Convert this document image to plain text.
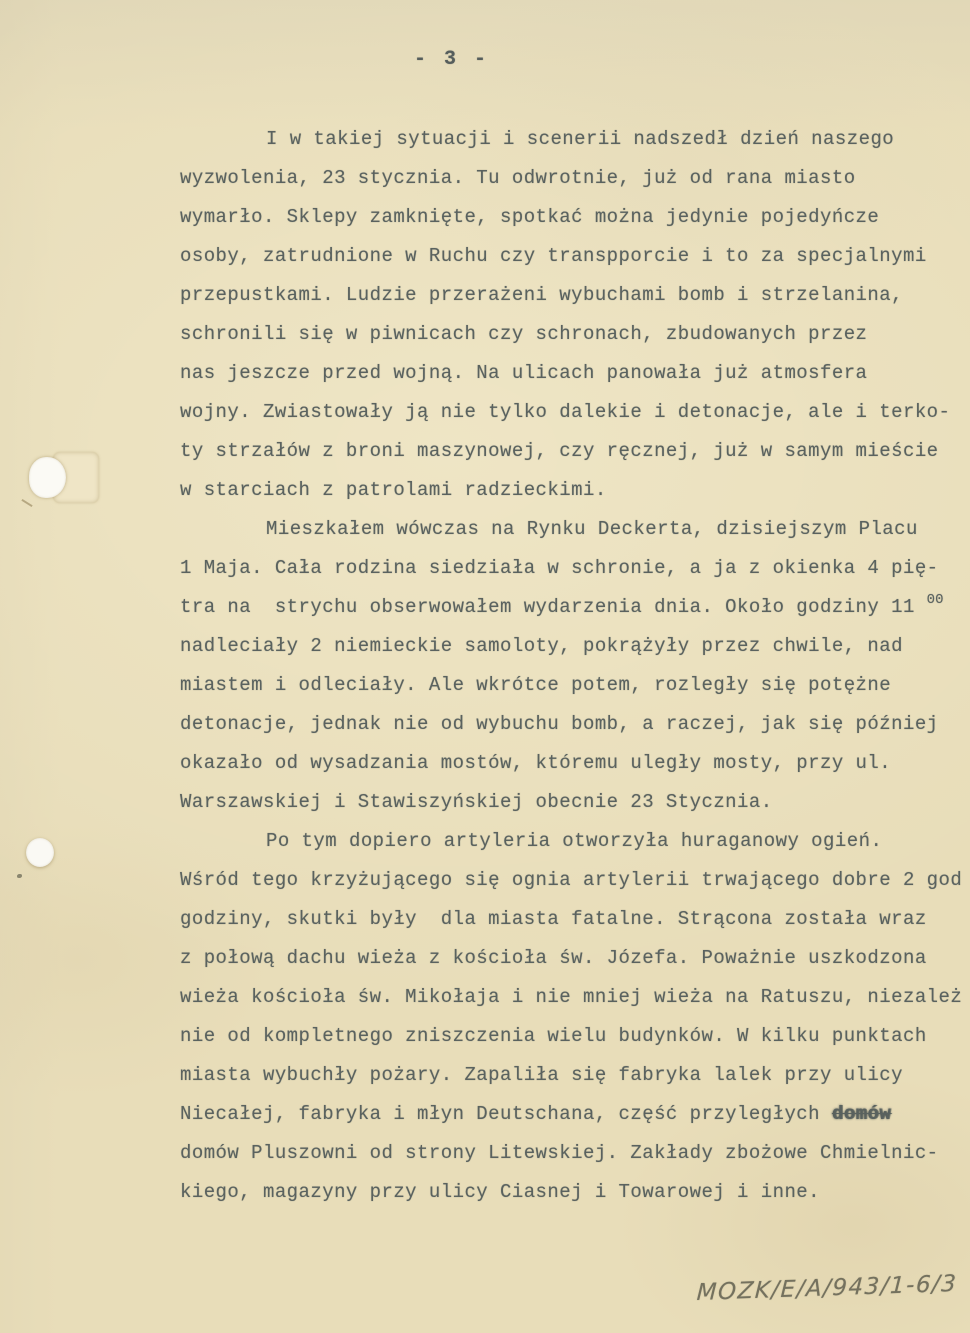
- 3 -
I w takiej sytuacji i scenerii nadszedł dzień naszego
wyzwolenia, 23 stycznia. Tu odwrotnie, już od rana miasto
wymarło. Sklepy zamknięte, spotkać można jedynie pojedyńcze
osoby, zatrudnione w Ruchu czy transpporcie i to za specjalnymi
przepustkami. Ludzie przerażeni wybuchami bomb i strzelanina,
schronili się w piwnicach czy schronach, zbudowanych przez
nas jeszcze przed wojną. Na ulicach panowała już atmosfera
wojny. Zwiastowały ją nie tylko dalekie i detonacje, ale i terko-
ty strzałów z broni maszynowej, czy ręcznej, już w samym mieście
w starciach z patrolami radzieckimi.
Mieszkałem wówczas na Rynku Deckerta, dzisiejszym Placu
1 Maja. Cała rodzina siedziała w schronie, a ja z okienka 4 pię-
tra na  strychu obserwowałem wydarzenia dnia. Około godziny 11 00
nadleciały 2 niemieckie samoloty, pokrążyły przez chwile, nad
miastem i odleciały. Ale wkrótce potem, rozległy się potężne
detonacje, jednak nie od wybuchu bomb, a raczej, jak się później
okazało od wysadzania mostów, któremu uległy mosty, przy ul.
Warszawskiej i Stawiszyńskiej obecnie 23 Stycznia.
Po tym dopiero artyleria otworzyła huraganowy ogień.
Wśród tego krzyżującego się ognia artylerii trwającego dobre 2 god
godziny, skutki były  dla miasta fatalne. Strącona została wraz
z połową dachu wieża z kościoła św. Józefa. Poważnie uszkodzona
wieża kościoła św. Mikołaja i nie mniej wieża na Ratuszu, niezależ
nie od kompletnego zniszczenia wielu budynków. W kilku punktach
miasta wybuchły pożary. Zapaliła się fabryka lalek przy ulicy
Niecałej, fabryka i młyn Deutschana, część przyległych domów
domów Pluszowni od strony Litewskiej. Zakłady zbożowe Chmielnic-
kiego, magazyny przy ulicy Ciasnej i Towarowej i inne.
MOZK/E/A/943/1-6/3
